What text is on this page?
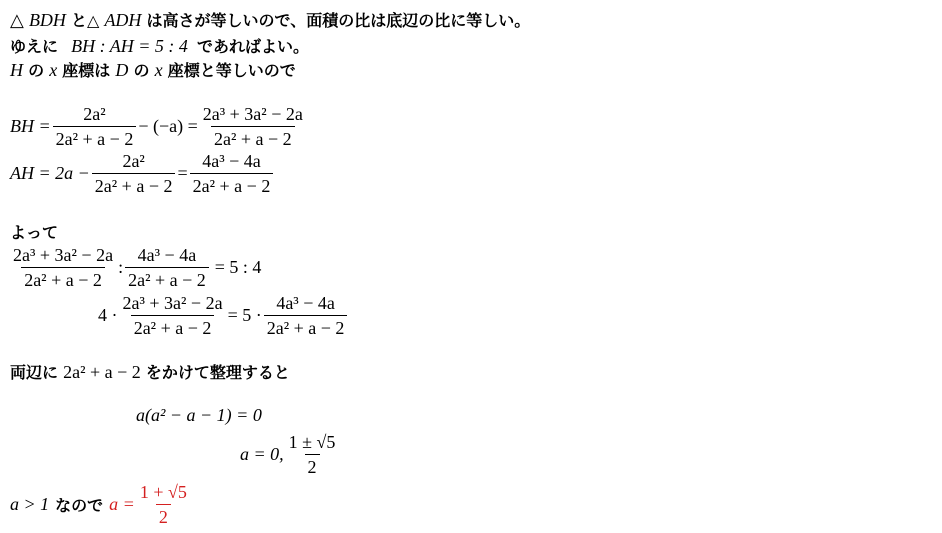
△ BDH と△ ADH は高さが等しいので、面積の比は底辺の比に等しい。
ゆえに BH : AH = 5 : 4 であればよい。
H の x 座標は D の x 座標と等しいので
BH = $\frac{\text{2a²}}{\text{2a² + a − 2}} - (-a) = \frac{\text{2a³ + 3a² − 2a}}{\text{2a² + a − 2}}$
AH = $2a - \frac{\text{2a²}}{\text{2a² + a − 2}} = \frac{\text{4a³ − 4a}}{\text{2a² + a − 2}}$
よって
$\frac{\text{2a³ + 3a² − 2a}}{\text{2a² + a − 2}}$ : $\frac{\text{4a³ − 4a}}{\text{2a² + a − 2}} = 5$ : 4
$4 \cdot \frac{\text{2a³ + 3a² − 2a}}{\text{2a² + a − 2}} = 5 \cdot \frac{\text{4a³ − 4a}}{\text{2a² + a − 2}}$
両辺に 2a² + a − 2 をかけて整理すると
a(a² − a − 1) = 0
a = 0, $\frac{1 \pm √5}{2}$
a > 1 なので $a = \frac{1 + √5}{2}$
